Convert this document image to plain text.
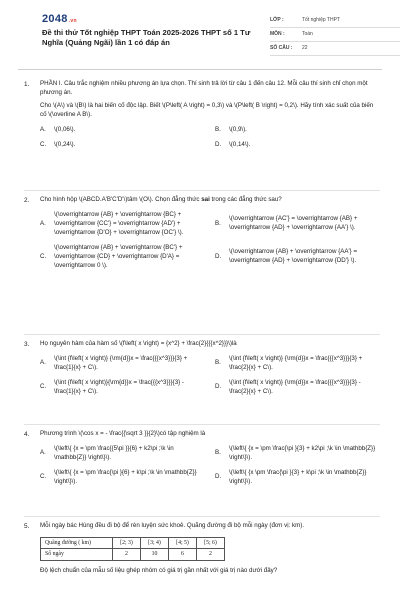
2048.vn
Đề thi thử Tốt nghiệp THPT Toán 2025-2026 THPT số 1 Tư Nghĩa (Quảng Ngãi) lần 1 có đáp án
LỚP :	Tốt nghiệp THPT
MÔN :	Toán
SỐ CÂU :	22
1.	PHẦN I. Câu trắc nghiệm nhiều phương án lựa chọn. Thí sinh trả lời từ câu 1 đến câu 12. Mỗi câu thí sinh chỉ chọn một phương án.

Cho \(A\) và \(B\) là hai biến cố độc lập. Biết \(P\left( A \right) = 0,3\) và \(P\left( B \right) = 0,2\). Hãy tính xác suất của biến cố \(\overline A B\).

A.	\(0,06\).	B.	\(0,9\).
C.	\(0,24\).	D.	\(0,14\).
2.	Cho hình hộp \(ABCD.A'B'C'D'\)tâm \(O\). Chọn đẳng thức sai trong các đẳng thức sau?

A.
\(\overrightarrow {AB} + \overrightarrow {BC} + \overrightarrow {CC'} = \overrightarrow {AD'} + \overrightarrow {D'O} + \overrightarrow {OC'} \).
B.
\(\overrightarrow {AC'} = \overrightarrow {AB} + \overrightarrow {AD} + \overrightarrow {AA'} \).
C.
\(\overrightarrow {AB} + \overrightarrow {BC'} + \overrightarrow {CD} + \overrightarrow {D'A} = \overrightarrow 0 \).
D.
\(\overrightarrow {AB} + \overrightarrow {AA'} = \overrightarrow {AD} + \overrightarrow {DD'} \).
3.	Họ nguyên hàm của hàm số \(f\left( x \right) = {x^2} + \frac{2}{{{x^2}}}\)là

A.
\(\int {f\left( x \right)} {\rm{d}}x = \frac{{{x^3}}}{3} + \frac{1}{x} + C\).
B.
\(\int {f\left( x \right)} {\rm{d}}x = \frac{{{x^3}}}{3} + \frac{2}{x} + C\).
C.
\(\int {f\left( x \right)}{\rm{d}}x = \frac{{{x^3}}}{3} - \frac{1}{x} + C\).
D.
\(\int {f\left( x \right)} {\rm{d}}x = \frac{{{x^3}}}{3} - \frac{2}{x} + C\).
4.	Phương trình \(\cos x = - \frac{{\sqrt 3 }}{2}\)có tập nghiệm là

A.
\(\left\{ {x = \pm \frac{{5\pi }}{6} + k2\pi ;\k \in \mathbb{Z}} \right\}\).
B.
\(\left\{ {x = \pm \frac{\pi }{3} + k2\pi ;\k \in \mathbb{Z}} \right\}\).
C.
\(\left\{ {x = \pm \frac{\pi }{6} + k\pi ;\k \in \mathbb{Z}} \right\}\).
D.
\(\left\{ {x \pm \frac{\pi }{3} + k\pi ;\k \in \mathbb{Z}} \right\}\).
5.	Mỗi ngày bác Hùng đều đi bộ để rèn luyện sức khoẻ. Quãng đường đi bộ mỗi ngày (đơn vị: km).

Quãng đường ( km)	[2; 3)	[3; 4)	[4; 5)	[5; 6)
Số ngày	2	10	6	2

Độ lệch chuẩn của mẫu số liệu ghép nhóm có giá trị gần nhất với giá trị nào dưới đây?
